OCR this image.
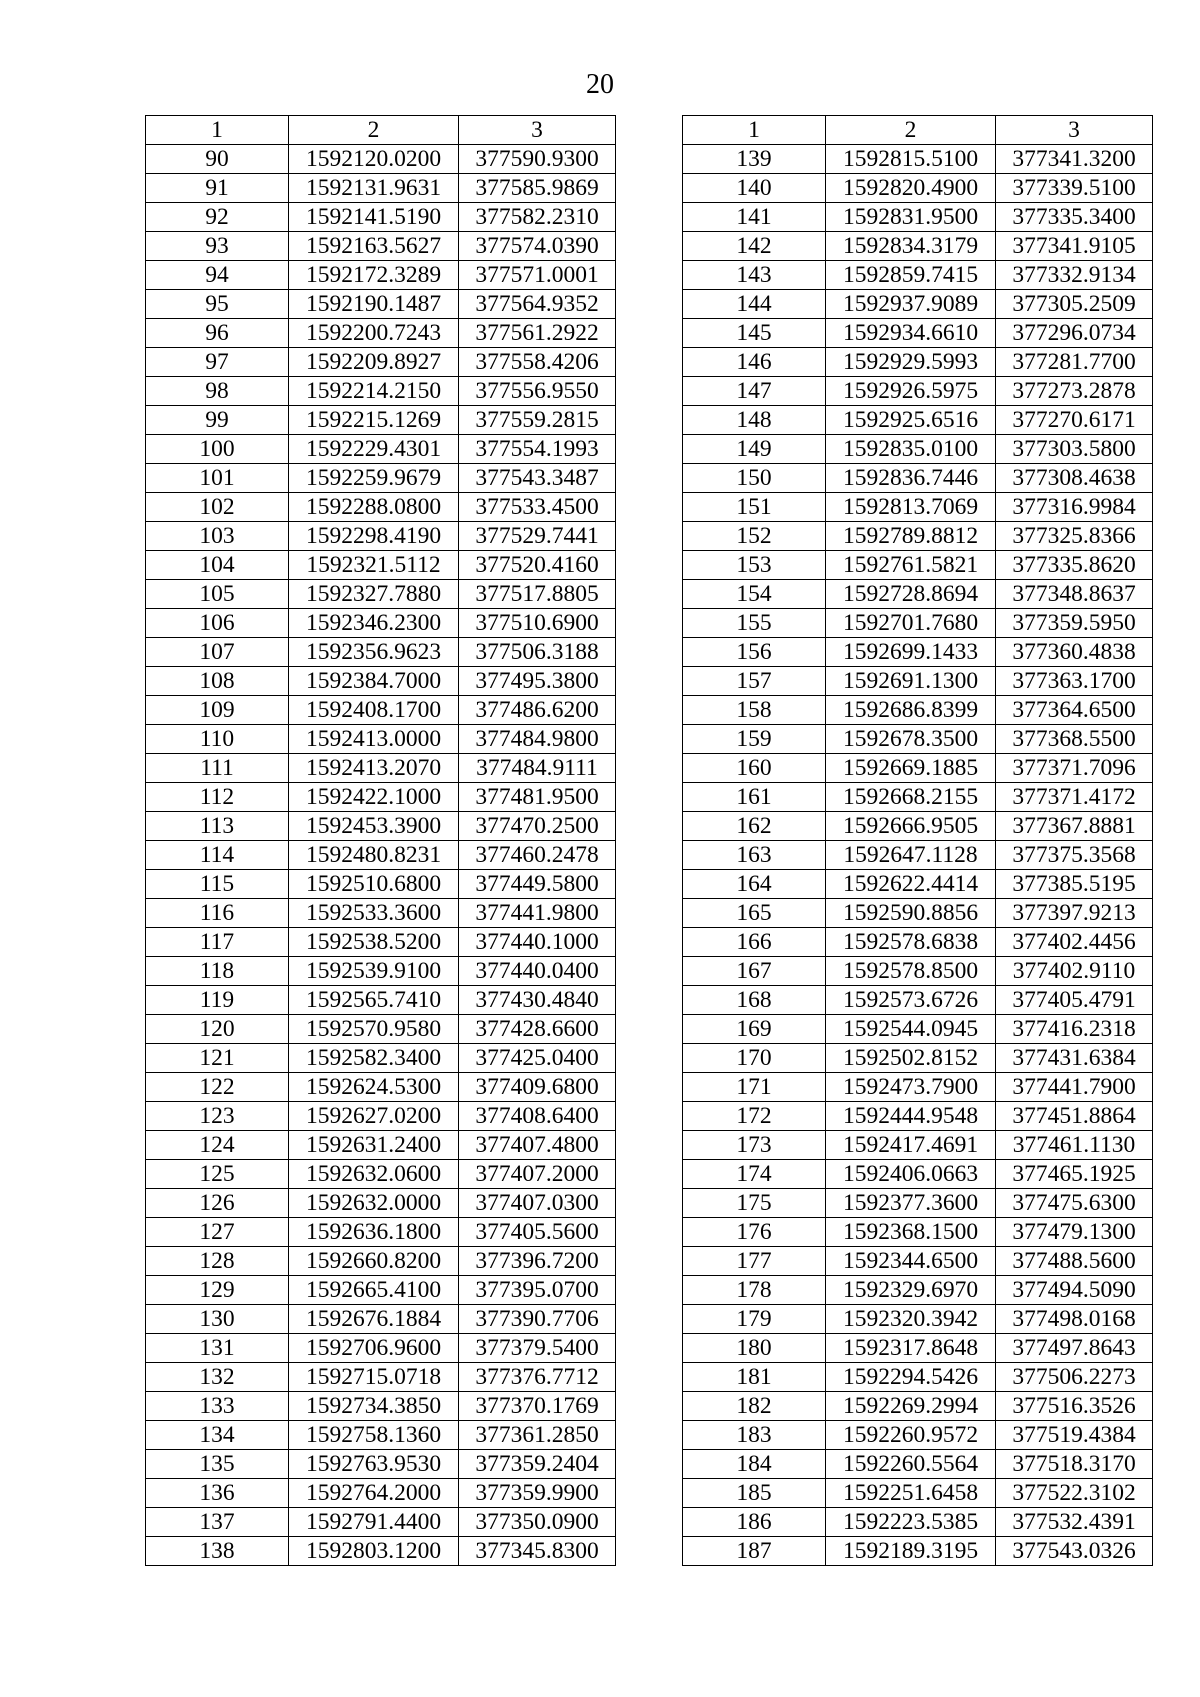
20
1	2	3
90	1592120.0200	377590.9300
91	1592131.9631	377585.9869
92	1592141.5190	377582.2310
93	1592163.5627	377574.0390
94	1592172.3289	377571.0001
95	1592190.1487	377564.9352
96	1592200.7243	377561.2922
97	1592209.8927	377558.4206
98	1592214.2150	377556.9550
99	1592215.1269	377559.2815
100	1592229.4301	377554.1993
101	1592259.9679	377543.3487
102	1592288.0800	377533.4500
103	1592298.4190	377529.7441
104	1592321.5112	377520.4160
105	1592327.7880	377517.8805
106	1592346.2300	377510.6900
107	1592356.9623	377506.3188
108	1592384.7000	377495.3800
109	1592408.1700	377486.6200
110	1592413.0000	377484.9800
111	1592413.2070	377484.9111
112	1592422.1000	377481.9500
113	1592453.3900	377470.2500
114	1592480.8231	377460.2478
115	1592510.6800	377449.5800
116	1592533.3600	377441.9800
117	1592538.5200	377440.1000
118	1592539.9100	377440.0400
119	1592565.7410	377430.4840
120	1592570.9580	377428.6600
121	1592582.3400	377425.0400
122	1592624.5300	377409.6800
123	1592627.0200	377408.6400
124	1592631.2400	377407.4800
125	1592632.0600	377407.2000
126	1592632.0000	377407.0300
127	1592636.1800	377405.5600
128	1592660.8200	377396.7200
129	1592665.4100	377395.0700
130	1592676.1884	377390.7706
131	1592706.9600	377379.5400
132	1592715.0718	377376.7712
133	1592734.3850	377370.1769
134	1592758.1360	377361.2850
135	1592763.9530	377359.2404
136	1592764.2000	377359.9900
137	1592791.4400	377350.0900
138	1592803.1200	377345.8300
1	2	3
139	1592815.5100	377341.3200
140	1592820.4900	377339.5100
141	1592831.9500	377335.3400
142	1592834.3179	377341.9105
143	1592859.7415	377332.9134
144	1592937.9089	377305.2509
145	1592934.6610	377296.0734
146	1592929.5993	377281.7700
147	1592926.5975	377273.2878
148	1592925.6516	377270.6171
149	1592835.0100	377303.5800
150	1592836.7446	377308.4638
151	1592813.7069	377316.9984
152	1592789.8812	377325.8366
153	1592761.5821	377335.8620
154	1592728.8694	377348.8637
155	1592701.7680	377359.5950
156	1592699.1433	377360.4838
157	1592691.1300	377363.1700
158	1592686.8399	377364.6500
159	1592678.3500	377368.5500
160	1592669.1885	377371.7096
161	1592668.2155	377371.4172
162	1592666.9505	377367.8881
163	1592647.1128	377375.3568
164	1592622.4414	377385.5195
165	1592590.8856	377397.9213
166	1592578.6838	377402.4456
167	1592578.8500	377402.9110
168	1592573.6726	377405.4791
169	1592544.0945	377416.2318
170	1592502.8152	377431.6384
171	1592473.7900	377441.7900
172	1592444.9548	377451.8864
173	1592417.4691	377461.1130
174	1592406.0663	377465.1925
175	1592377.3600	377475.6300
176	1592368.1500	377479.1300
177	1592344.6500	377488.5600
178	1592329.6970	377494.5090
179	1592320.3942	377498.0168
180	1592317.8648	377497.8643
181	1592294.5426	377506.2273
182	1592269.2994	377516.3526
183	1592260.9572	377519.4384
184	1592260.5564	377518.3170
185	1592251.6458	377522.3102
186	1592223.5385	377532.4391
187	1592189.3195	377543.0326
